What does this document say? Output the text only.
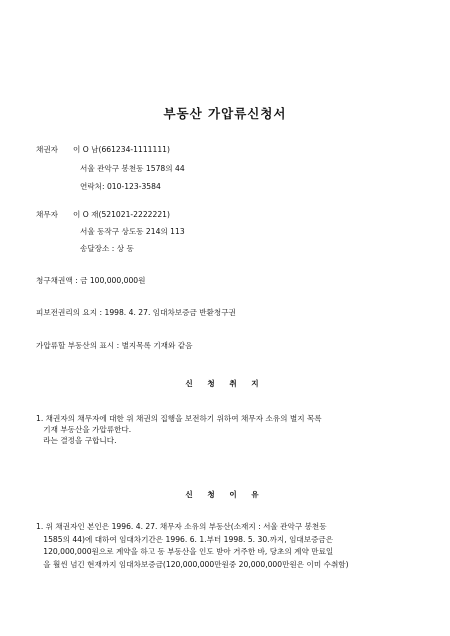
부동산 가압류신청서
채권자 이 O 남(661234-1111111)
서울 관악구 봉천동 1578의 44
연락처: 010-123-3584
채무자 이 O 재(521021-2222221)
서울 동작구 상도동 214의 113
송달장소 : 상 동
청구채권액 : 금 100,000,000원
피보전권리의 요지 : 1998. 4. 27. 임대차보증금 반환청구권
가압류할 부동산의 표시 : 별지목록 기재와 같음
신 청 취 지
1. 채권자의 채무자에 대한 위 채권의 집행을 보전하기 위하여 채무자 소유의 별지 목록
기재 부동산을 가압류한다.
라는 결정을 구합니다.
신 청 이 유
1. 위 채권자인 본인은 1996. 4. 27. 채무자 소유의 부동산(소재지 : 서울 관악구 봉천동
1585의 44)에 대하여 임대차기간은 1996. 6. 1.부터 1998. 5. 30.까지, 임대보증금은
120,000,000원으로 계약을 하고 동 부동산을 인도 받아 거주한 바, 당초의 계약 만료일
을 훨씬 넘긴 현재까지 임대차보증금(120,000,000만원중 20,000,000만원은 이미 수취함)
